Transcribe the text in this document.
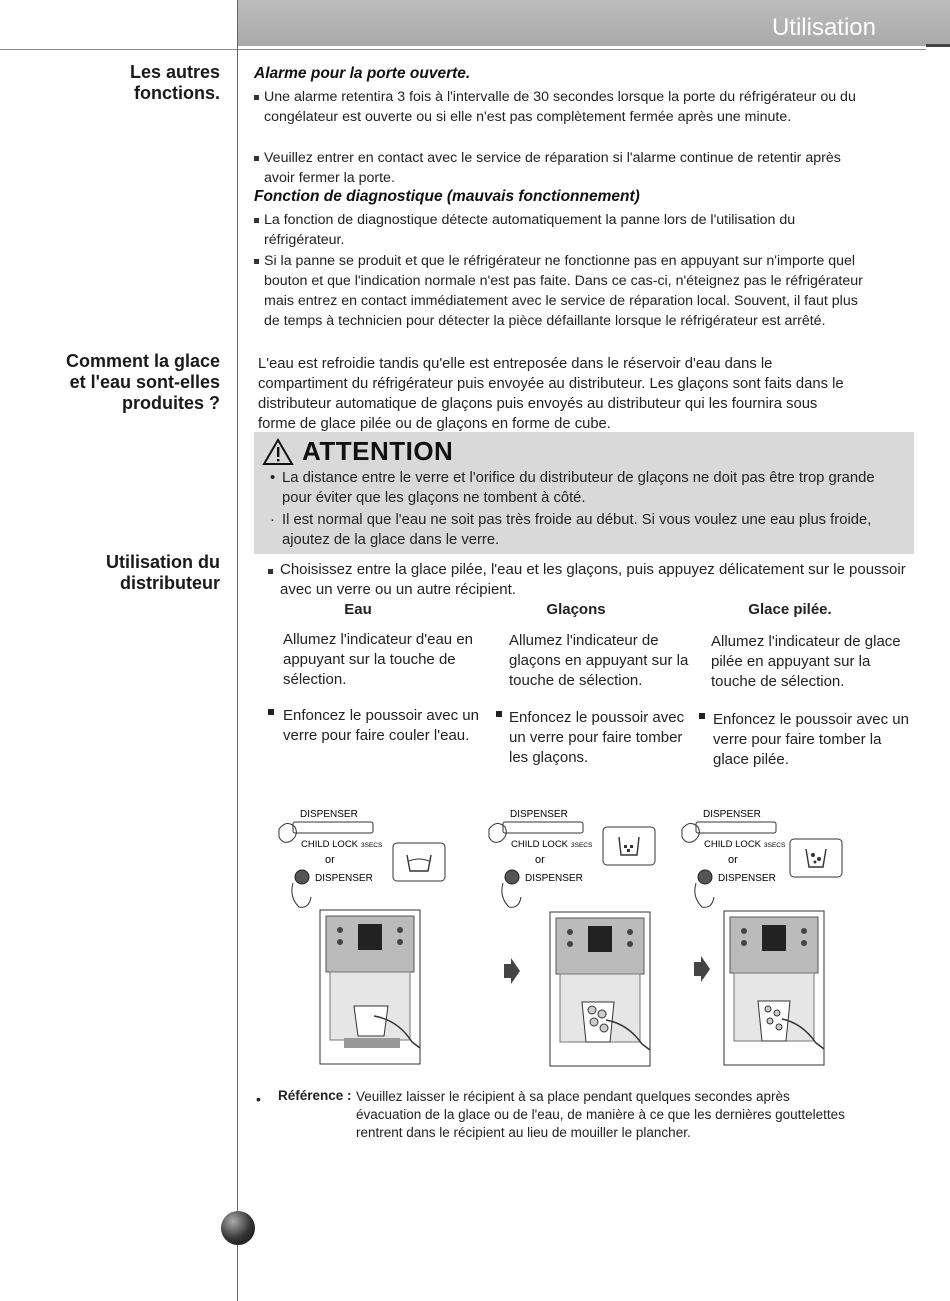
Utilisation
Les autres
fonctions.
Comment la glace
et l'eau sont-elles
produites ?
Utilisation du
distributeur
Alarme pour la porte ouverte.
Une alarme retentira 3 fois à l'intervalle de 30 secondes lorsque la porte du réfrigérateur ou du congélateur est ouverte ou si elle n'est pas complètement fermée après une minute.
Veuillez entrer en contact avec le service de réparation si l'alarme continue de retentir après avoir fermer la porte.
Fonction de diagnostique (mauvais fonctionnement)
La fonction de diagnostique détecte automatiquement la panne lors de l'utilisation du réfrigérateur.
Si la panne se produit et que le réfrigérateur ne fonctionne pas en appuyant sur n'importe quel bouton et que l'indication normale n'est pas faite. Dans ce cas-ci, n'éteignez pas le réfrigérateur mais entrez en contact immédiatement avec le service de réparation local. Souvent, il faut plus de temps à technicien pour détecter la pièce défaillante lorsque le réfrigérateur est arrêté.
L'eau est refroidie tandis qu'elle est entreposée dans le réservoir d'eau dans le compartiment du réfrigérateur puis envoyée au distributeur. Les glaçons sont faits dans le distributeur automatique de glaçons puis envoyés au distributeur qui les fournira sous forme de glace pilée ou de glaçons en forme de cube.
ATTENTION
• La distance entre le verre et l'orifice du distributeur de glaçons ne doit pas être trop grande pour éviter que les glaçons ne tombent à côté.
· Il est normal que l'eau ne soit pas très froide au début. Si vous voulez une eau plus froide, ajoutez de la glace dans le verre.
Choisissez entre la glace pilée, l'eau et les glaçons, puis appuyez délicatement sur le poussoir avec un verre ou un autre récipient.
Eau	Glaçons	Glace pilée.
Allumez l'indicateur d'eau en appuyant sur la touche de sélection.
Allumez l'indicateur de glaçons en appuyant sur la touche de sélection.
Allumez l'indicateur de glace pilée en appuyant sur la touche de sélection.
Enfoncez le poussoir avec un verre pour faire couler l'eau.
Enfoncez le poussoir avec un verre pour faire tomber les glaçons.
Enfoncez le poussoir avec un verre pour faire tomber la glace pilée.
DISPENSER
CHILD LOCK 3SECS
or
DISPENSER
DISPENSER
CHILD LOCK 3SECS
or
DISPENSER
DISPENSER
CHILD LOCK 3SECS
or
DISPENSER
• Référence : Veuillez laisser le récipient à sa place pendant quelques secondes après évacuation de la glace ou de l'eau, de manière à ce que les dernières gouttelettes rentrent dans le récipient au lieu de mouiller le plancher.
